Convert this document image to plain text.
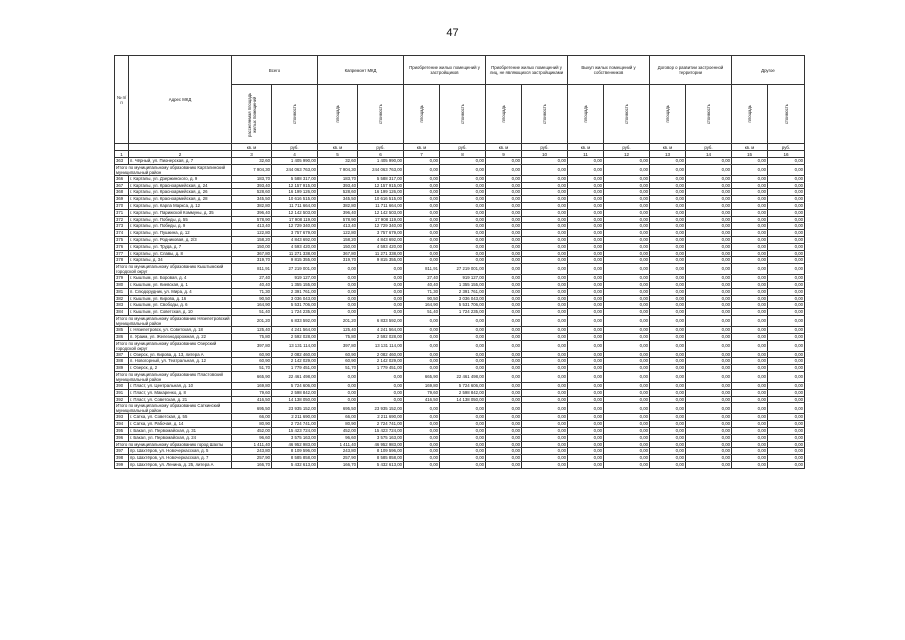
47
№ п/п	Адрес МКД	Всего		Капремонт МКД		Приобретение жилых помещений у застройщиков		Приобретение жилых помещений у лиц, не являющихся застройщиками		Выкуп жилых помещений у собственников		Договор о развитии застроенной территории		Другое	

		расселяемая площадь жилых помещений	стоимость	площадь	стоимость	площадь	стоимость	площадь	стоимость	площадь	стоимость	площадь	стоимость	площадь	стоимость

		кв. м	руб.	кв. м	руб.	кв. м	руб.	кв. м	руб.	кв. м	руб.	кв. м	руб.	кв. м	руб.
1	2	3	4	5	6	7	8	9	10	11	12	13	14	15	16
363	п. Чёрный, ул. Пионерская, д. 7	32,60	1 405 990,00	32,60	1 405 990,00	0,00	0,00	0,00	0,00	0,00	0,00	0,00	0,00	0,00	0,00
Итого по муниципальному образованию Карталинский муниципальный район		7 904,30	244 063 763,00	7 904,30	244 063 763,00	0,00	0,00	0,00	0,00	0,00	0,00	0,00	0,00	0,00	0,00
366	г. Карталы, ул. Дзержинского, д. 9	183,70	5 588 317,00	183,70	5 588 317,00	0,00	0,00	0,00	0,00	0,00	0,00	0,00	0,00	0,00	0,00
367	г. Карталы, ул. Красноармейская, д. 24	393,40	12 157 915,00	393,40	12 157 915,00	0,00	0,00	0,00	0,00	0,00	0,00	0,00	0,00	0,00	0,00
368	г. Карталы, ул. Красноармейская, д. 26	528,60	16 199 126,00	528,60	16 199 126,00	0,00	0,00	0,00	0,00	0,00	0,00	0,00	0,00	0,00	0,00
369	г. Карталы, ул. Красноармейская, д. 28	345,50	10 616 515,00	345,50	10 616 515,00	0,00	0,00	0,00	0,00	0,00	0,00	0,00	0,00	0,00	0,00
370	г. Карталы, ул. Карла Маркса, д. 12	382,80	11 711 664,00	382,80	11 711 664,00	0,00	0,00	0,00	0,00	0,00	0,00	0,00	0,00	0,00	0,00
371	г. Карталы, ул. Парижской Коммуны, д. 35	396,40	12 142 503,00	396,40	12 142 503,00	0,00	0,00	0,00	0,00	0,00	0,00	0,00	0,00	0,00	0,00
372	г. Карталы, ул. Победы, д. 55	578,90	17 908 119,00	578,90	17 908 119,00	0,00	0,00	0,00	0,00	0,00	0,00	0,00	0,00	0,00	0,00
373	г. Карталы, ул. Победы, д. 9	413,40	12 729 340,00	413,40	12 729 340,00	0,00	0,00	0,00	0,00	0,00	0,00	0,00	0,00	0,00	0,00
374	г. Карталы, ул. Пушкина, д. 12	122,80	3 757 679,00	122,80	3 757 679,00	0,00	0,00	0,00	0,00	0,00	0,00	0,00	0,00	0,00	0,00
375	г. Карталы, ул. Родниковая, д. 2/3	158,20	4 843 692,00	158,20	4 843 692,00	0,00	0,00	0,00	0,00	0,00	0,00	0,00	0,00	0,00	0,00
376	г. Карталы, ул. Труда, д. 7	150,00	4 593 420,00	150,00	4 593 420,00	0,00	0,00	0,00	0,00	0,00	0,00	0,00	0,00	0,00	0,00
377	г. Карталы, ул. Славы, д. 8	367,80	11 271 338,00	367,80	11 271 338,00	0,00	0,00	0,00	0,00	0,00	0,00	0,00	0,00	0,00	0,00
378	г. Карталы, д. 34	319,70	9 815 355,00	319,70	9 815 355,00	0,00	0,00	0,00	0,00	0,00	0,00	0,00	0,00	0,00	0,00
Итого по муниципальному образованию Кыштымский городской округ		811,91	27 219 001,00	0,00	0,00	811,91	27 219 001,00	0,00	0,00	0,00	0,00	0,00	0,00	0,00	0,00
379	г. Кыштым, ул. Боровая, д. 4	27,40	919 127,00	0,00	0,00	27,40	919 127,00	0,00	0,00	0,00	0,00	0,00	0,00	0,00	0,00
380	г. Кыштым, ул. Киевская, д. 1	40,40	1 355 155,00	0,00	0,00	40,40	1 355 155,00	0,00	0,00	0,00	0,00	0,00	0,00	0,00	0,00
381	п. Слюдорудник, ул. Мира, д. 4	71,30	2 391 761,00	0,00	0,00	71,30	2 391 761,00	0,00	0,00	0,00	0,00	0,00	0,00	0,00	0,00
382	г. Кыштым, ул. Кирова, д. 16	90,50	3 036 043,00	0,00	0,00	90,50	3 036 043,00	0,00	0,00	0,00	0,00	0,00	0,00	0,00	0,00
383	г. Кыштым, ул. Свободы, д. 6	164,90	5 531 706,00	0,00	0,00	164,90	5 531 706,00	0,00	0,00	0,00	0,00	0,00	0,00	0,00	0,00
384	г. Кыштым, ул. Советская, д. 10	51,40	1 724 235,00	0,00	0,00	51,40	1 724 235,00	0,00	0,00	0,00	0,00	0,00	0,00	0,00	0,00
Итого по муниципальному образованию Нязепетровский муниципальный район		201,20	6 833 592,00	201,20	6 833 592,00	0,00	0,00	0,00	0,00	0,00	0,00	0,00	0,00	0,00	0,00
385	г. Нязепетровск, ул. Советская, д. 18	125,40	4 241 564,00	125,40	4 241 564,00	0,00	0,00	0,00	0,00	0,00	0,00	0,00	0,00	0,00	0,00
386	п. Ураим, ул. Железнодорожная, д. 22	75,80	2 592 028,00	75,80	2 592 028,00	0,00	0,00	0,00	0,00	0,00	0,00	0,00	0,00	0,00	0,00
Итого по муниципальному образованию Озерский городской округ		397,80	13 131 114,00	397,80	13 131 114,00	0,00	0,00	0,00	0,00	0,00	0,00	0,00	0,00	0,00	0,00
387	г. Озерск, ул. Кирова, д. 13, литера А	60,90	2 082 460,00	60,90	2 082 460,00	0,00	0,00	0,00	0,00	0,00	0,00	0,00	0,00	0,00	0,00
388	п. Новогорный, ул. Театральная, д. 12	60,90	2 142 029,00	60,90	2 142 029,00	0,00	0,00	0,00	0,00	0,00	0,00	0,00	0,00	0,00	0,00
389	г. Озерск, д. 2	51,70	1 779 451,00	51,70	1 779 451,00	0,00	0,00	0,00	0,00	0,00	0,00	0,00	0,00	0,00	0,00
Итого по муниципальному образованию Пластовский муниципальный район		665,90	22 461 498,00	0,00	0,00	665,90	22 461 498,00	0,00	0,00	0,00	0,00	0,00	0,00	0,00	0,00
390	г. Пласт, ул. Центральная, д. 10	169,80	5 724 606,00	0,00	0,00	169,80	5 724 606,00	0,00	0,00	0,00	0,00	0,00	0,00	0,00	0,00
391	г. Пласт, ул. Макаренко, д. 8	79,60	2 598 842,00	0,00	0,00	79,60	2 598 842,00	0,00	0,00	0,00	0,00	0,00	0,00	0,00	0,00
392	г. Пласт, ул. Советская, д. 21	416,50	14 138 050,00	0,00	0,00	416,50	14 138 050,00	0,00	0,00	0,00	0,00	0,00	0,00	0,00	0,00
Итого по муниципальному образованию Саткинский муниципальный район		695,50	23 935 152,00	695,50	23 935 152,00	0,00	0,00	0,00	0,00	0,00	0,00	0,00	0,00	0,00	0,00
393	г. Сатка, ул. Советская, д. 55	66,00	2 211 690,00	66,00	2 211 690,00	0,00	0,00	0,00	0,00	0,00	0,00	0,00	0,00	0,00	0,00
394	г. Сатка, ул. Рабочая, д. 14	80,90	2 724 741,00	80,90	2 724 741,00	0,00	0,00	0,00	0,00	0,00	0,00	0,00	0,00	0,00	0,00
395	г. Бакал, ул. Первомайская, д. 31	452,00	15 423 724,00	452,00	15 423 724,00	0,00	0,00	0,00	0,00	0,00	0,00	0,00	0,00	0,00	0,00
396	г. Бакал, ул. Первомайская, д. 24	96,60	3 575 163,00	96,60	3 575 163,00	0,00	0,00	0,00	0,00	0,00	0,00	0,00	0,00	0,00	0,00
Итого по муниципальному образованию город Шахты		1 411,40	46 952 983,00	1 411,40	46 952 983,00	0,00	0,00	0,00	0,00	0,00	0,00	0,00	0,00	0,00	0,00
397	пр. Шахтёров, ул. Новочеркасская, д. 5	243,80	8 109 596,00	243,80	8 109 596,00	0,00	0,00	0,00	0,00	0,00	0,00	0,00	0,00	0,00	0,00
398	пр. Шахтёров, ул. Новочеркасская, д. 7	257,90	8 585 858,00	257,90	8 585 858,00	0,00	0,00	0,00	0,00	0,00	0,00	0,00	0,00	0,00	0,00
399	пр. Шахтёров, ул. Ленина, д. 25, литера А	166,70	5 432 613,00	166,70	5 432 613,00	0,00	0,00	0,00	0,00	0,00	0,00	0,00	0,00	0,00	0,00
